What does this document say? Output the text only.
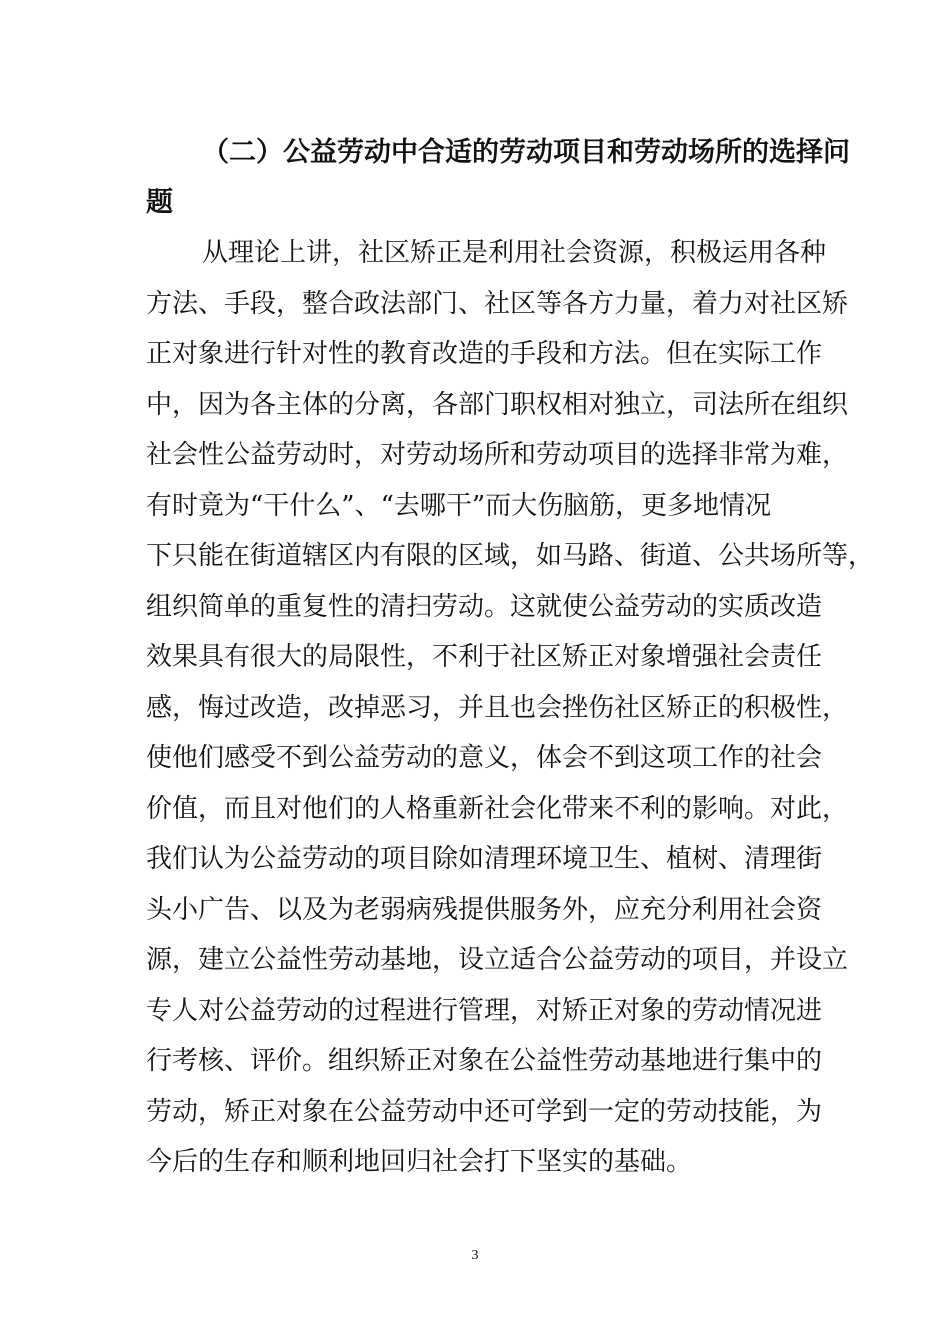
（二）公益劳动中合适的劳动项目和劳动场所的选择问
题
从理论上讲，社区矫正是利用社会资源，积极运用各种
方法、手段，整合政法部门、社区等各方力量，着力对社区矫
正对象进行针对性的教育改造的手段和方法。但在实际工作
中，因为各主体的分离，各部门职权相对独立，司法所在组织
社会性公益劳动时，对劳动场所和劳动项目的选择非常为难，
有时竟为“干什么”、“去哪干”而大伤脑筋，更多地情况
下只能在街道辖区内有限的区域，如马路、街道、公共场所等，
组织简单的重复性的清扫劳动。这就使公益劳动的实质改造
效果具有很大的局限性，不利于社区矫正对象增强社会责任
感，悔过改造，改掉恶习，并且也会挫伤社区矫正的积极性，
使他们感受不到公益劳动的意义，体会不到这项工作的社会
价值，而且对他们的人格重新社会化带来不利的影响。对此，
我们认为公益劳动的项目除如清理环境卫生、植树、清理街
头小广告、以及为老弱病残提供服务外，应充分利用社会资
源，建立公益性劳动基地，设立适合公益劳动的项目，并设立
专人对公益劳动的过程进行管理，对矫正对象的劳动情况进
行考核、评价。组织矫正对象在公益性劳动基地进行集中的
劳动，矫正对象在公益劳动中还可学到一定的劳动技能，为
今后的生存和顺利地回归社会打下坚实的基础。
3
